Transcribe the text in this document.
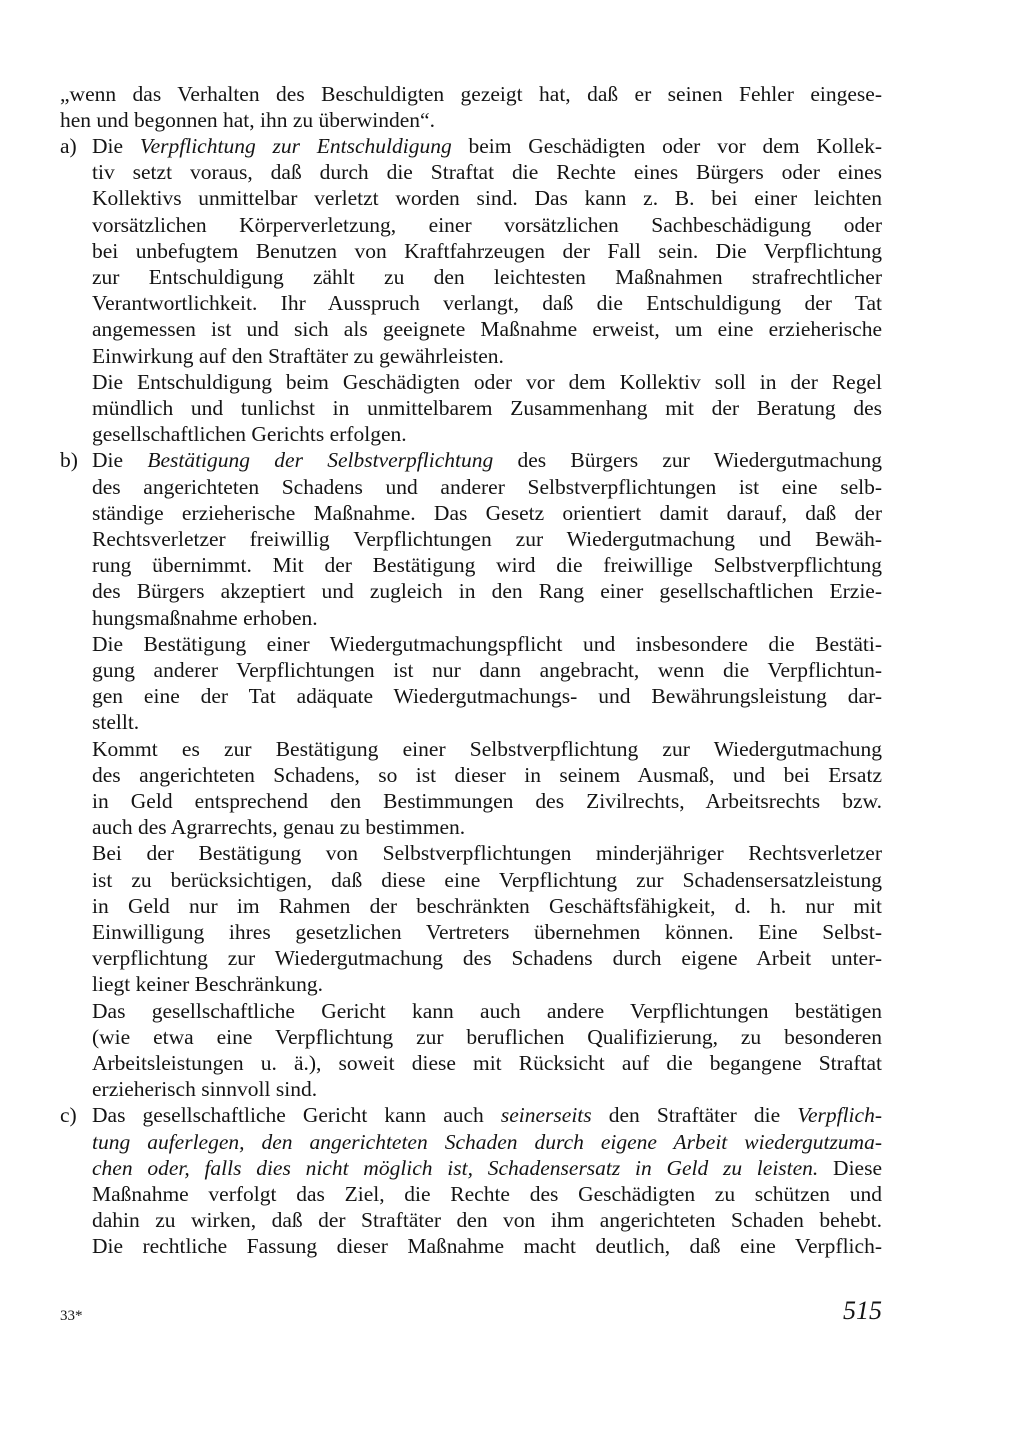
„wenn das Verhalten des Beschuldigten gezeigt hat, daß er seinen Fehler eingese-
hen und begonnen hat, ihn zu überwinden“.
a) Die Verpflichtung zur Entschuldigung beim Geschädigten oder vor dem Kollek-
tiv setzt voraus, daß durch die Straftat die Rechte eines Bürgers oder eines
Kollektivs unmittelbar verletzt worden sind. Das kann z. B. bei einer leichten
vorsätzlichen Körperverletzung, einer vorsätzlichen Sachbeschädigung oder
bei unbefugtem Benutzen von Kraftfahrzeugen der Fall sein. Die Verpflichtung
zur Entschuldigung zählt zu den leichtesten Maßnahmen strafrechtlicher
Verantwortlichkeit. Ihr Ausspruch verlangt, daß die Entschuldigung der Tat
angemessen ist und sich als geeignete Maßnahme erweist, um eine erzieherische
Einwirkung auf den Straftäter zu gewährleisten.
Die Entschuldigung beim Geschädigten oder vor dem Kollektiv soll in der Regel
mündlich und tunlichst in unmittelbarem Zusammenhang mit der Beratung des
gesellschaftlichen Gerichts erfolgen.
b) Die Bestätigung der Selbstverpflichtung des Bürgers zur Wiedergutmachung
des angerichteten Schadens und anderer Selbstverpflichtungen ist eine selb-
ständige erzieherische Maßnahme. Das Gesetz orientiert damit darauf, daß der
Rechtsverletzer freiwillig Verpflichtungen zur Wiedergutmachung und Bewäh-
rung übernimmt. Mit der Bestätigung wird die freiwillige Selbstverpflichtung
des Bürgers akzeptiert und zugleich in den Rang einer gesellschaftlichen Erzie-
hungsmaßnahme erhoben.
Die Bestätigung einer Wiedergutmachungspflicht und insbesondere die Bestäti-
gung anderer Verpflichtungen ist nur dann angebracht, wenn die Verpflichtun-
gen eine der Tat adäquate Wiedergutmachungs- und Bewährungsleistung dar-
stellt.
Kommt es zur Bestätigung einer Selbstverpflichtung zur Wiedergutmachung
des angerichteten Schadens, so ist dieser in seinem Ausmaß, und bei Ersatz
in Geld entsprechend den Bestimmungen des Zivilrechts, Arbeitsrechts bzw.
auch des Agrarrechts, genau zu bestimmen.
Bei der Bestätigung von Selbstverpflichtungen minderjähriger Rechtsverletzer
ist zu berücksichtigen, daß diese eine Verpflichtung zur Schadensersatzleistung
in Geld nur im Rahmen der beschränkten Geschäftsfähigkeit, d. h. nur mit
Einwilligung ihres gesetzlichen Vertreters übernehmen können. Eine Selbst-
verpflichtung zur Wiedergutmachung des Schadens durch eigene Arbeit unter-
liegt keiner Beschränkung.
Das gesellschaftliche Gericht kann auch andere Verpflichtungen bestätigen
(wie etwa eine Verpflichtung zur beruflichen Qualifizierung, zu besonderen
Arbeitsleistungen u. ä.), soweit diese mit Rücksicht auf die begangene Straftat
erzieherisch sinnvoll sind.
c) Das gesellschaftliche Gericht kann auch seinerseits den Straftäter die Verpflich-
tung auferlegen, den angerichteten Schaden durch eigene Arbeit wiedergutzuma-
chen oder, falls dies nicht möglich ist, Schadensersatz in Geld zu leisten. Diese
Maßnahme verfolgt das Ziel, die Rechte des Geschädigten zu schützen und
dahin zu wirken, daß der Straftäter den von ihm angerichteten Schaden behebt.
Die rechtliche Fassung dieser Maßnahme macht deutlich, daß eine Verpflich-
33*	515
